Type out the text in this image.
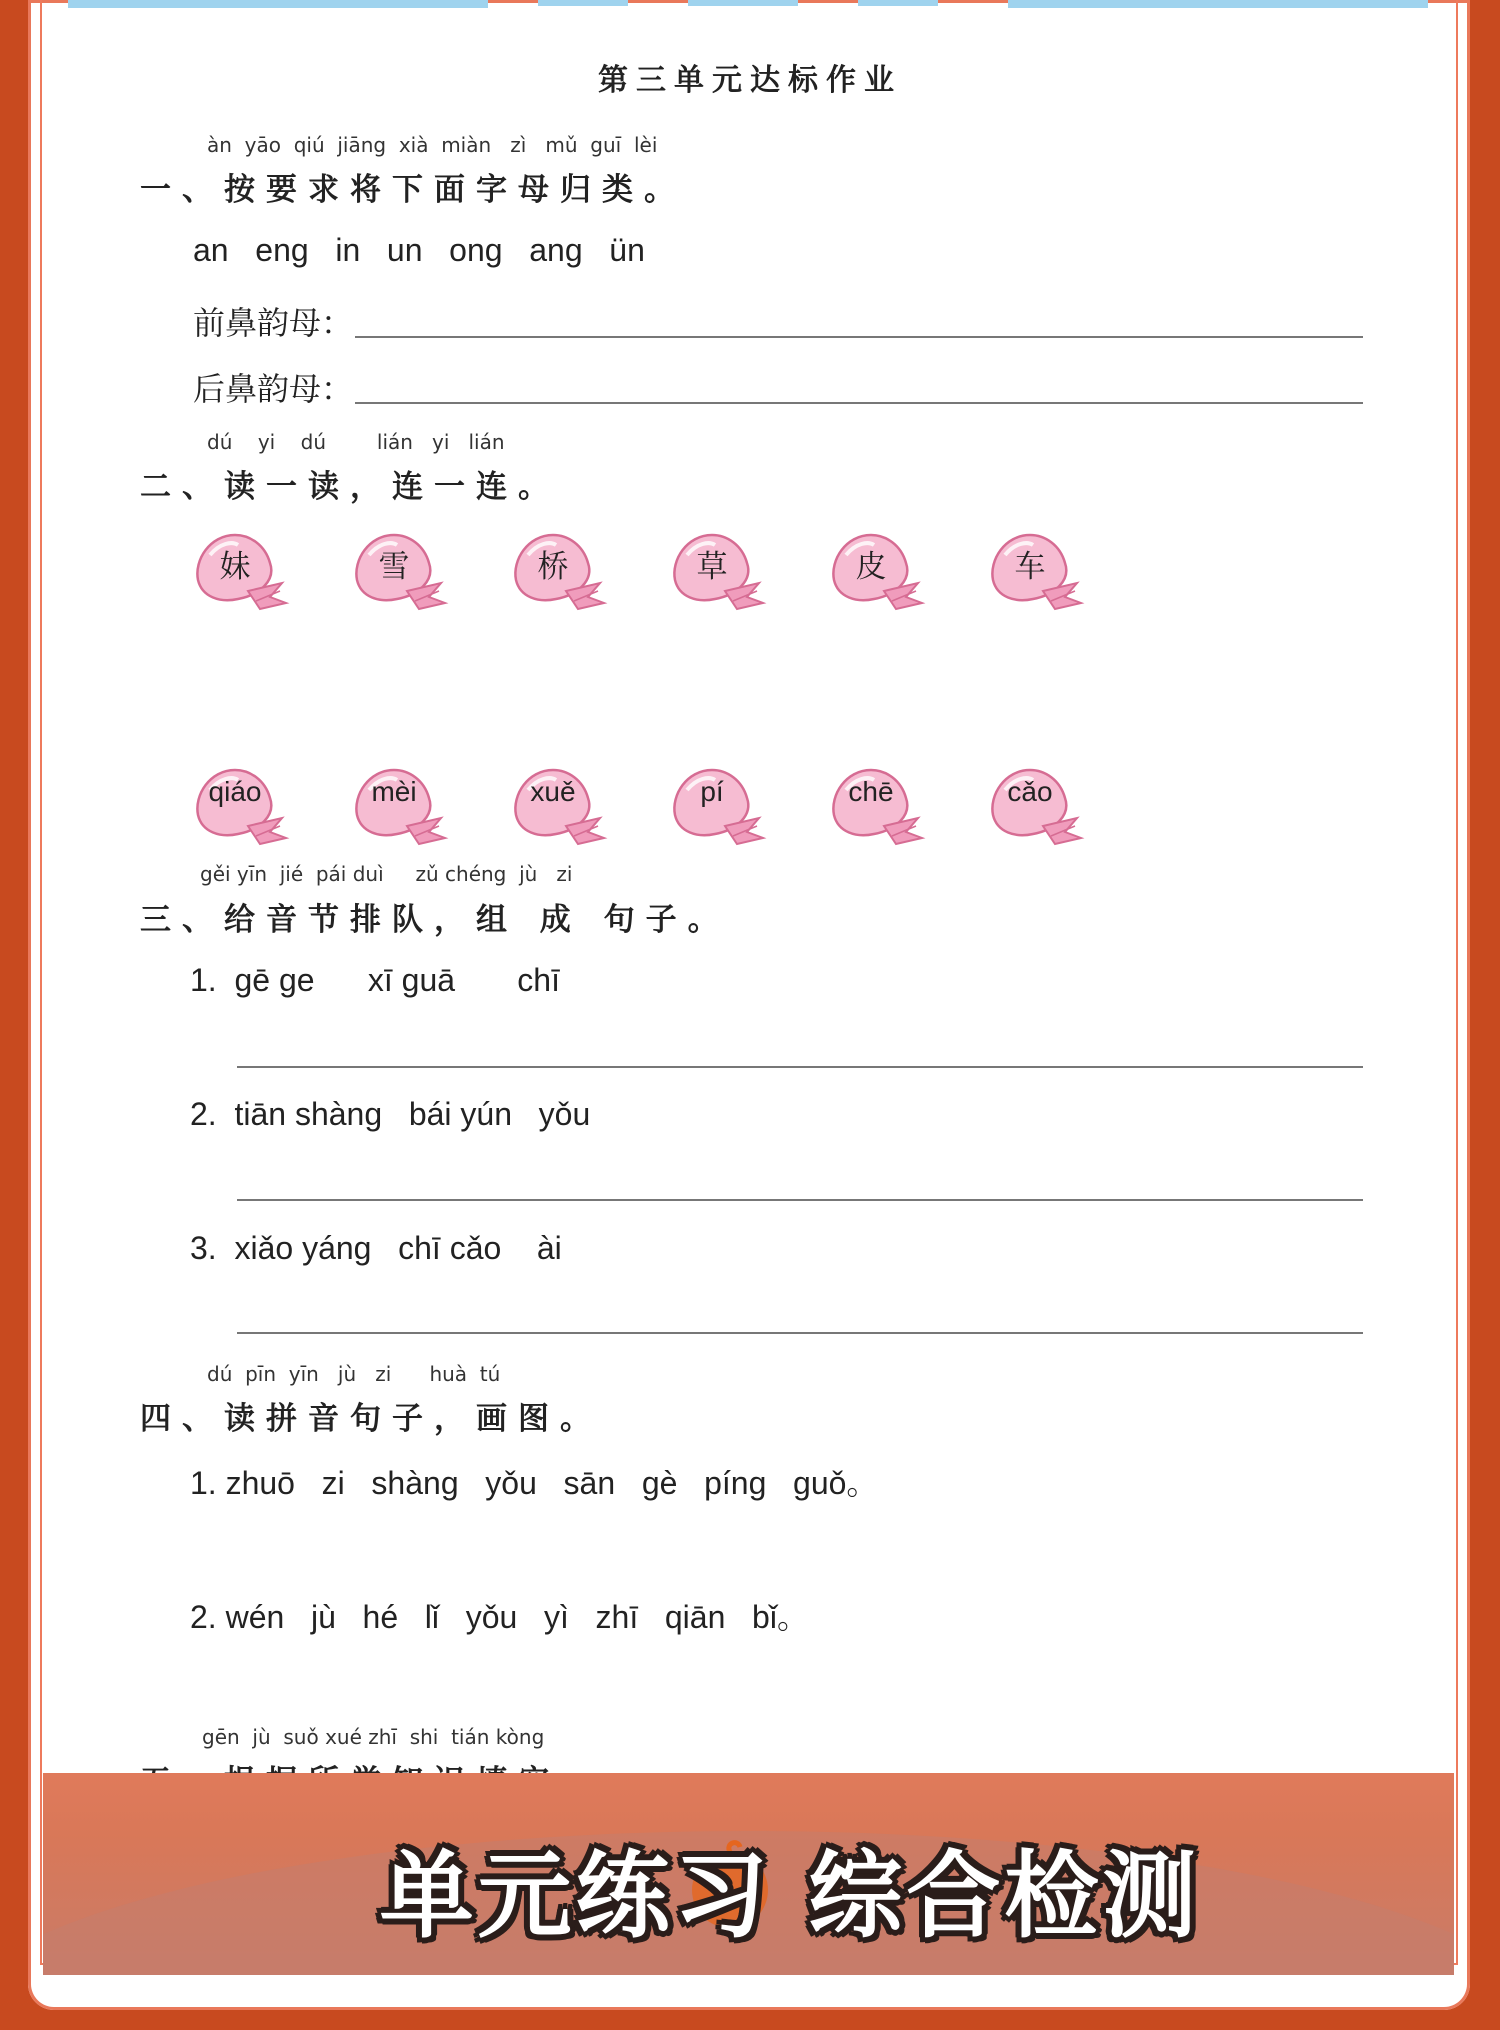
第三单元达标作业
àn yāo qiú jiāng xià miàn zì mǔ guī lèi
一、按要求将下面字母归类。
an   eng   in   un   ong   ang   ün
前鼻韵母：
后鼻韵母：
dú yi dú	lián yi lián
二、读一读，连一连。
妹	雪	桥	草	皮	车
qiáo	mèi	xuě	pí	chē	cǎo
gěi yīn jié pái duì zǔ chéng jù zi
三、给音节排队，组 成 句子。
1.  gē ge      xī guā       chī
2.  tiān shàng   bái yún   yǒu
3.  xiǎo yáng   chī cǎo    ài
dú pīn yīn jù zi huà tú
四、读拼音句子，画图。
1. zhuō   zi   shàng   yǒu   sān   gè   píng   guǒ。
2. wén   jù   hé   lǐ   yǒu   yì   zhī   qiān   bǐ。
gēn jù suǒ xué zhī shi tián kòng
单元练习 综合检测
